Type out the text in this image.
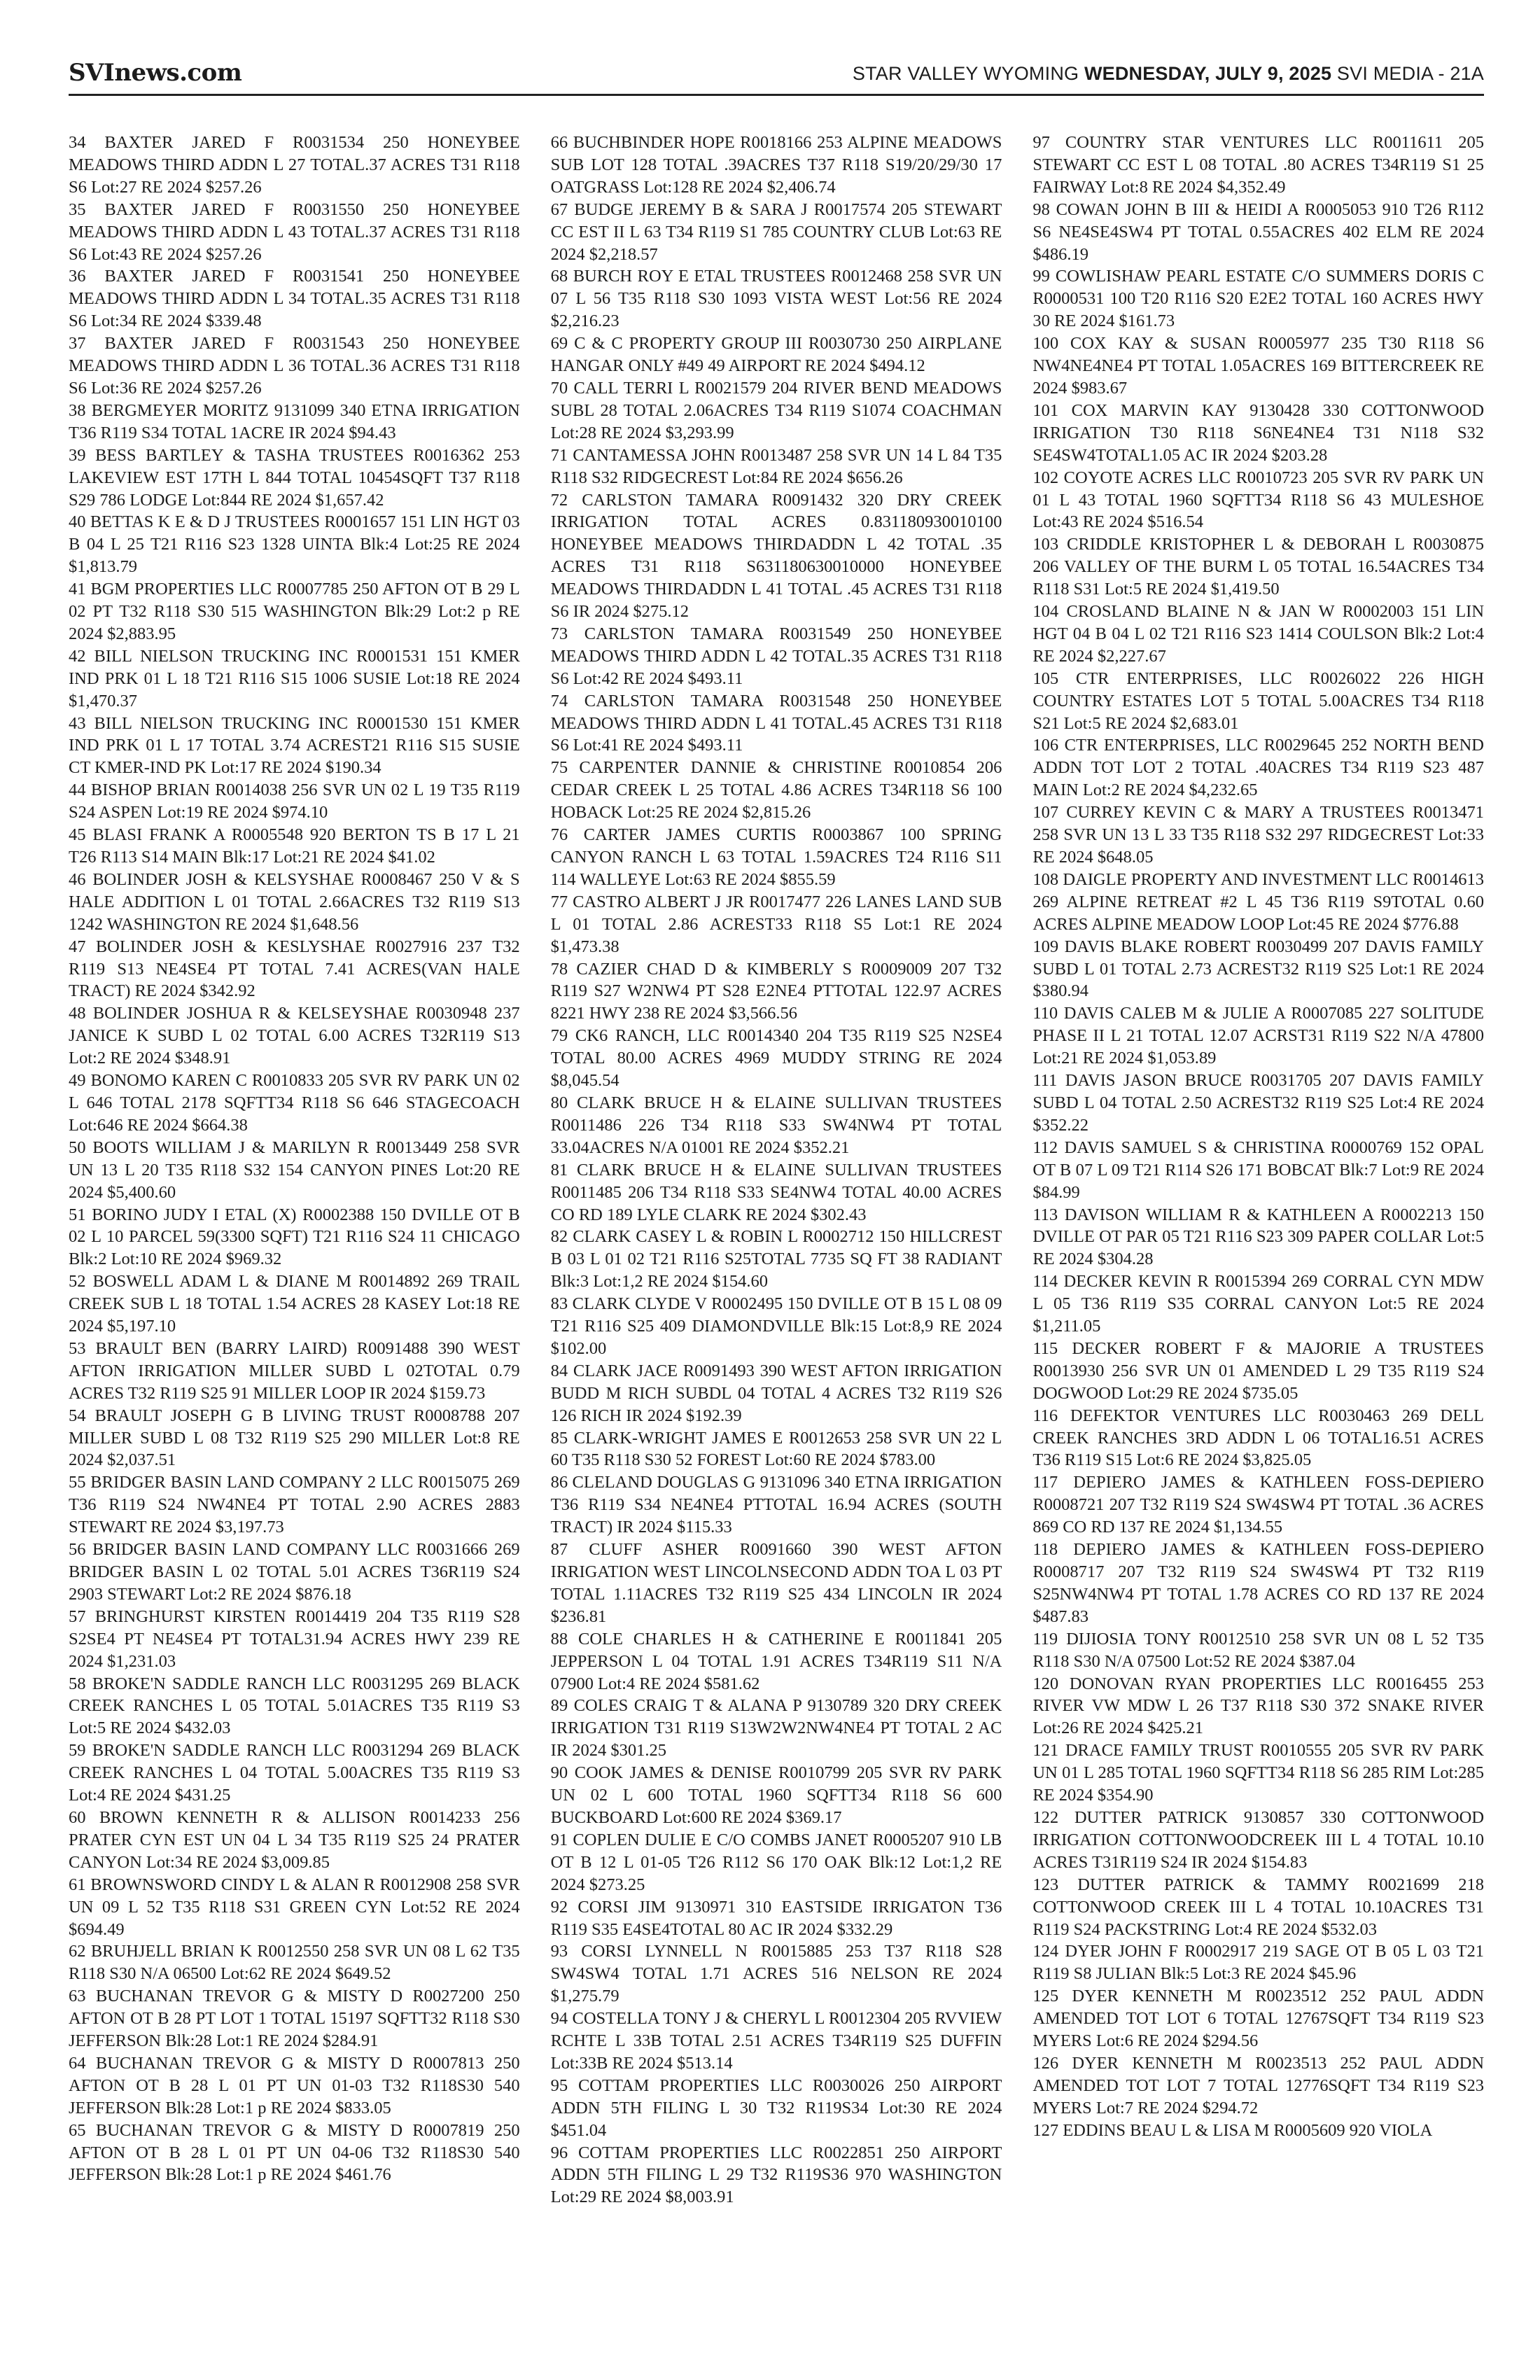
SVInews.com	STAR VALLEY WYOMING WEDNESDAY, JULY 9, 2025 SVI MEDIA - 21A

34 BAXTER JARED F R0031534 250 HONEYBEE MEADOWS THIRD ADDN L 27 TOTAL.37 ACRES T31 R118 S6 Lot:27 RE 2024 $257.26

35 BAXTER JARED F R0031550 250 HONEYBEE MEADOWS THIRD ADDN L 43 TOTAL.37 ACRES T31 R118 S6 Lot:43 RE 2024 $257.26

36 BAXTER JARED F R0031541 250 HONEYBEE MEADOWS THIRD ADDN L 34 TOTAL.35 ACRES T31 R118 S6 Lot:34 RE 2024 $339.48

37 BAXTER JARED F R0031543 250 HONEYBEE MEADOWS THIRD ADDN L 36 TOTAL.36 ACRES T31 R118 S6 Lot:36 RE 2024 $257.26

38 BERGMEYER MORITZ 9131099 340 ETNA IRRIGATION T36 R119 S34 TOTAL 1ACRE IR 2024 $94.43

39 BESS BARTLEY & TASHA TRUSTEES R0016362 253 LAKEVIEW EST 17TH L 844 TOTAL 10454SQFT T37 R118 S29 786 LODGE Lot:844 RE 2024 $1,657.42

40 BETTAS K E & D J TRUSTEES R0001657 151 LIN HGT 03 B 04 L 25 T21 R116 S23 1328 UINTA Blk:4 Lot:25 RE 2024 $1,813.79

41 BGM PROPERTIES LLC R0007785 250 AFTON OT B 29 L 02 PT T32 R118 S30 515 WASHINGTON Blk:29 Lot:2 p RE 2024 $2,883.95

42 BILL NIELSON TRUCKING INC R0001531 151 KMER IND PRK 01 L 18 T21 R116 S15 1006 SUSIE Lot:18 RE 2024 $1,470.37

43 BILL NIELSON TRUCKING INC R0001530 151 KMER IND PRK 01 L 17 TOTAL 3.74 ACREST21 R116 S15 SUSIE CT KMER-IND PK Lot:17 RE 2024 $190.34

44 BISHOP BRIAN R0014038 256 SVR UN 02 L 19 T35 R119 S24 ASPEN Lot:19 RE 2024 $974.10

45 BLASI FRANK A R0005548 920 BERTON TS B 17 L 21 T26 R113 S14 MAIN Blk:17 Lot:21 RE 2024 $41.02

46 BOLINDER JOSH & KELSYSHAE R0008467 250 V & S HALE ADDITION L 01 TOTAL 2.66ACRES T32 R119 S13 1242 WASHINGTON RE 2024 $1,648.56

47 BOLINDER JOSH & KESLYSHAE R0027916 237 T32 R119 S13 NE4SE4 PT TOTAL 7.41 ACRES(VAN HALE TRACT) RE 2024 $342.92

48 BOLINDER JOSHUA R & KELSEYSHAE R0030948 237 JANICE K SUBD L 02 TOTAL 6.00 ACRES T32R119 S13 Lot:2 RE 2024 $348.91

49 BONOMO KAREN C R0010833 205 SVR RV PARK UN 02 L 646 TOTAL 2178 SQFTT34 R118 S6 646 STAGECOACH Lot:646 RE 2024 $664.38

50 BOOTS WILLIAM J & MARILYN R R0013449 258 SVR UN 13 L 20 T35 R118 S32 154 CANYON PINES Lot:20 RE 2024 $5,400.60

51 BORINO JUDY I ETAL (X) R0002388 150 DVILLE OT B 02 L 10 PARCEL 59(3300 SQFT) T21 R116 S24 11 CHICAGO Blk:2 Lot:10 RE 2024 $969.32

52 BOSWELL ADAM L & DIANE M R0014892 269 TRAIL CREEK SUB L 18 TOTAL 1.54 ACRES 28 KASEY Lot:18 RE 2024 $5,197.10

53 BRAULT BEN (BARRY LAIRD) R0091488 390 WEST AFTON IRRIGATION MILLER SUBD L 02TOTAL 0.79 ACRES T32 R119 S25 91 MILLER LOOP IR 2024 $159.73

54 BRAULT JOSEPH G B LIVING TRUST R0008788 207 MILLER SUBD L 08 T32 R119 S25 290 MILLER Lot:8 RE 2024 $2,037.51

55 BRIDGER BASIN LAND COMPANY 2 LLC R0015075 269 T36 R119 S24 NW4NE4 PT TOTAL 2.90 ACRES 2883 STEWART RE 2024 $3,197.73

56 BRIDGER BASIN LAND COMPANY LLC R0031666 269 BRIDGER BASIN L 02 TOTAL 5.01 ACRES T36R119 S24 2903 STEWART Lot:2 RE 2024 $876.18

57 BRINGHURST KIRSTEN R0014419 204 T35 R119 S28 S2SE4 PT NE4SE4 PT TOTAL31.94 ACRES HWY 239 RE 2024 $1,231.03

58 BROKE'N SADDLE RANCH LLC R0031295 269 BLACK CREEK RANCHES L 05 TOTAL 5.01ACRES T35 R119 S3 Lot:5 RE 2024 $432.03

59 BROKE'N SADDLE RANCH LLC R0031294 269 BLACK CREEK RANCHES L 04 TOTAL 5.00ACRES T35 R119 S3 Lot:4 RE 2024 $431.25

60 BROWN KENNETH R & ALLISON R0014233 256 PRATER CYN EST UN 04 L 34 T35 R119 S25 24 PRATER CANYON Lot:34 RE 2024 $3,009.85

61 BROWNSWORD CINDY L & ALAN R R0012908 258 SVR UN 09 L 52 T35 R118 S31 GREEN CYN Lot:52 RE 2024 $694.49

62 BRUHJELL BRIAN K R0012550 258 SVR UN 08 L 62 T35 R118 S30 N/A 06500 Lot:62 RE 2024 $649.52

63 BUCHANAN TREVOR G & MISTY D R0027200 250 AFTON OT B 28 PT LOT 1 TOTAL 15197 SQFTT32 R118 S30 JEFFERSON Blk:28 Lot:1 RE 2024 $284.91

64 BUCHANAN TREVOR G & MISTY D R0007813 250 AFTON OT B 28 L 01 PT UN 01-03 T32 R118S30 540 JEFFERSON Blk:28 Lot:1 p RE 2024 $833.05

65 BUCHANAN TREVOR G & MISTY D R0007819 250 AFTON OT B 28 L 01 PT UN 04-06 T32 R118S30 540 JEFFERSON Blk:28 Lot:1 p RE 2024 $461.76

66 BUCHBINDER HOPE R0018166 253 ALPINE MEADOWS SUB LOT 128 TOTAL .39ACRES T37 R118 S19/20/29/30 17 OATGRASS Lot:128 RE 2024 $2,406.74

67 BUDGE JEREMY B & SARA J R0017574 205 STEWART CC EST II L 63 T34 R119 S1 785 COUNTRY CLUB Lot:63 RE 2024 $2,218.57

68 BURCH ROY E ETAL TRUSTEES R0012468 258 SVR UN 07 L 56 T35 R118 S30 1093 VISTA WEST Lot:56 RE 2024 $2,216.23

69 C & C PROPERTY GROUP III R0030730 250 AIRPLANE HANGAR ONLY #49 49 AIRPORT RE 2024 $494.12

70 CALL TERRI L R0021579 204 RIVER BEND MEADOWS SUBL 28 TOTAL 2.06ACRES T34 R119 S1074 COACHMAN Lot:28 RE 2024 $3,293.99

71 CANTAMESSA JOHN R0013487 258 SVR UN 14 L 84 T35 R118 S32 RIDGECREST Lot:84 RE 2024 $656.26

72 CARLSTON TAMARA R0091432 320 DRY CREEK IRRIGATION TOTAL ACRES 0.831180930010100 HONEYBEE MEADOWS THIRDADDN L 42 TOTAL .35 ACRES T31 R118 S631180630010000 HONEYBEE MEADOWS THIRDADDN L 41 TOTAL .45 ACRES T31 R118 S6 IR 2024 $275.12

73 CARLSTON TAMARA R0031549 250 HONEYBEE MEADOWS THIRD ADDN L 42 TOTAL.35 ACRES T31 R118 S6 Lot:42 RE 2024 $493.11

74 CARLSTON TAMARA R0031548 250 HONEYBEE MEADOWS THIRD ADDN L 41 TOTAL.45 ACRES T31 R118 S6 Lot:41 RE 2024 $493.11

75 CARPENTER DANNIE & CHRISTINE R0010854 206 CEDAR CREEK L 25 TOTAL 4.86 ACRES T34R118 S6 100 HOBACK Lot:25 RE 2024 $2,815.26

76 CARTER JAMES CURTIS R0003867 100 SPRING CANYON RANCH L 63 TOTAL 1.59ACRES T24 R116 S11 114 WALLEYE Lot:63 RE 2024 $855.59

77 CASTRO ALBERT J JR R0017477 226 LANES LAND SUB L 01 TOTAL 2.86 ACREST33 R118 S5 Lot:1 RE 2024 $1,473.38

78 CAZIER CHAD D & KIMBERLY S R0009009 207 T32 R119 S27 W2NW4 PT S28 E2NE4 PTTOTAL 122.97 ACRES 8221 HWY 238 RE 2024 $3,566.56

79 CK6 RANCH, LLC R0014340 204 T35 R119 S25 N2SE4 TOTAL 80.00 ACRES 4969 MUDDY STRING RE 2024 $8,045.54

80 CLARK BRUCE H & ELAINE SULLIVAN TRUSTEES R0011486 226 T34 R118 S33 SW4NW4 PT TOTAL 33.04ACRES N/A 01001 RE 2024 $352.21

81 CLARK BRUCE H & ELAINE SULLIVAN TRUSTEES R0011485 206 T34 R118 S33 SE4NW4 TOTAL 40.00 ACRES CO RD 189 LYLE CLARK RE 2024 $302.43

82 CLARK CASEY L & ROBIN L R0002712 150 HILLCREST B 03 L 01 02 T21 R116 S25TOTAL 7735 SQ FT 38 RADIANT Blk:3 Lot:1,2 RE 2024 $154.60

83 CLARK CLYDE V R0002495 150 DVILLE OT B 15 L 08 09 T21 R116 S25 409 DIAMONDVILLE Blk:15 Lot:8,9 RE 2024 $102.00

84 CLARK JACE R0091493 390 WEST AFTON IRRIGATION BUDD M RICH SUBDL 04 TOTAL 4 ACRES T32 R119 S26 126 RICH IR 2024 $192.39

85 CLARK-WRIGHT JAMES E R0012653 258 SVR UN 22 L 60 T35 R118 S30 52 FOREST Lot:60 RE 2024 $783.00

86 CLELAND DOUGLAS G 9131096 340 ETNA IRRIGATION T36 R119 S34 NE4NE4 PTTOTAL 16.94 ACRES (SOUTH TRACT) IR 2024 $115.33

87 CLUFF ASHER R0091660 390 WEST AFTON IRRIGATION WEST LINCOLNSECOND ADDN TOA L 03 PT TOTAL 1.11ACRES T32 R119 S25 434 LINCOLN IR 2024 $236.81

88 COLE CHARLES H & CATHERINE E R0011841 205 JEPPERSON L 04 TOTAL 1.91 ACRES T34R119 S11 N/A 07900 Lot:4 RE 2024 $581.62

89 COLES CRAIG T & ALANA P 9130789 320 DRY CREEK IRRIGATION T31 R119 S13W2W2NW4NE4 PT TOTAL 2 AC IR 2024 $301.25

90 COOK JAMES & DENISE R0010799 205 SVR RV PARK UN 02 L 600 TOTAL 1960 SQFTT34 R118 S6 600 BUCKBOARD Lot:600 RE 2024 $369.17

91 COPLEN DULIE E C/O COMBS JANET R0005207 910 LB OT B 12 L 01-05 T26 R112 S6 170 OAK Blk:12 Lot:1,2 RE 2024 $273.25

92 CORSI JIM 9130971 310 EASTSIDE IRRIGATON T36 R119 S35 E4SE4TOTAL 80 AC IR 2024 $332.29

93 CORSI LYNNELL N R0015885 253 T37 R118 S28 SW4SW4 TOTAL 1.71 ACRES 516 NELSON RE 2024 $1,275.79

94 COSTELLA TONY J & CHERYL L R0012304 205 RVVIEW RCHTE L 33B TOTAL 2.51 ACRES T34R119 S25 DUFFIN Lot:33B RE 2024 $513.14

95 COTTAM PROPERTIES LLC R0030026 250 AIRPORT ADDN 5TH FILING L 30 T32 R119S34 Lot:30 RE 2024 $451.04

96 COTTAM PROPERTIES LLC R0022851 250 AIRPORT ADDN 5TH FILING L 29 T32 R119S36 970 WASHINGTON Lot:29 RE 2024 $8,003.91

97 COUNTRY STAR VENTURES LLC R0011611 205 STEWART CC EST L 08 TOTAL .80 ACRES T34R119 S1 25 FAIRWAY Lot:8 RE 2024 $4,352.49

98 COWAN JOHN B III & HEIDI A R0005053 910 T26 R112 S6 NE4SE4SW4 PT TOTAL 0.55ACRES 402 ELM RE 2024 $486.19

99 COWLISHAW PEARL ESTATE C/O SUMMERS DORIS C R0000531 100 T20 R116 S20 E2E2 TOTAL 160 ACRES HWY 30 RE 2024 $161.73

100 COX KAY & SUSAN R0005977 235 T30 R118 S6 NW4NE4NE4 PT TOTAL 1.05ACRES 169 BITTERCREEK RE 2024 $983.67

101 COX MARVIN KAY 9130428 330 COTTONWOOD IRRIGATION T30 R118 S6NE4NE4 T31 N118 S32 SE4SW4TOTAL1.05 AC IR 2024 $203.28

102 COYOTE ACRES LLC R0010723 205 SVR RV PARK UN 01 L 43 TOTAL 1960 SQFTT34 R118 S6 43 MULESHOE Lot:43 RE 2024 $516.54

103 CRIDDLE KRISTOPHER L & DEBORAH L R0030875 206 VALLEY OF THE BURM L 05 TOTAL 16.54ACRES T34 R118 S31 Lot:5 RE 2024 $1,419.50

104 CROSLAND BLAINE N & JAN W R0002003 151 LIN HGT 04 B 04 L 02 T21 R116 S23 1414 COULSON Blk:2 Lot:4 RE 2024 $2,227.67

105 CTR ENTERPRISES, LLC R0026022 226 HIGH COUNTRY ESTATES LOT 5 TOTAL 5.00ACRES T34 R118 S21 Lot:5 RE 2024 $2,683.01

106 CTR ENTERPRISES, LLC R0029645 252 NORTH BEND ADDN TOT LOT 2 TOTAL .40ACRES T34 R119 S23 487 MAIN Lot:2 RE 2024 $4,232.65

107 CURREY KEVIN C & MARY A TRUSTEES R0013471 258 SVR UN 13 L 33 T35 R118 S32 297 RIDGECREST Lot:33 RE 2024 $648.05

108 DAIGLE PROPERTY AND INVESTMENT LLC R0014613 269 ALPINE RETREAT #2 L 45 T36 R119 S9TOTAL 0.60 ACRES ALPINE MEADOW LOOP Lot:45 RE 2024 $776.88

109 DAVIS BLAKE ROBERT R0030499 207 DAVIS FAMILY SUBD L 01 TOTAL 2.73 ACREST32 R119 S25 Lot:1 RE 2024 $380.94

110 DAVIS CALEB M & JULIE A R0007085 227 SOLITUDE PHASE II L 21 TOTAL 12.07 ACRST31 R119 S22 N/A 47800 Lot:21 RE 2024 $1,053.89

111 DAVIS JASON BRUCE R0031705 207 DAVIS FAMILY SUBD L 04 TOTAL 2.50 ACREST32 R119 S25 Lot:4 RE 2024 $352.22

112 DAVIS SAMUEL S & CHRISTINA R0000769 152 OPAL OT B 07 L 09 T21 R114 S26 171 BOBCAT Blk:7 Lot:9 RE 2024 $84.99

113 DAVISON WILLIAM R & KATHLEEN A R0002213 150 DVILLE OT PAR 05 T21 R116 S23 309 PAPER COLLAR Lot:5 RE 2024 $304.28

114 DECKER KEVIN R R0015394 269 CORRAL CYN MDW L 05 T36 R119 S35 CORRAL CANYON Lot:5 RE 2024 $1,211.05

115 DECKER ROBERT F & MAJORIE A TRUSTEES R0013930 256 SVR UN 01 AMENDED L 29 T35 R119 S24 DOGWOOD Lot:29 RE 2024 $735.05

116 DEFEKTOR VENTURES LLC R0030463 269 DELL CREEK RANCHES 3RD ADDN L 06 TOTAL16.51 ACRES T36 R119 S15 Lot:6 RE 2024 $3,825.05

117 DEPIERO JAMES & KATHLEEN FOSS-DEPIERO R0008721 207 T32 R119 S24 SW4SW4 PT TOTAL .36 ACRES 869 CO RD 137 RE 2024 $1,134.55

118 DEPIERO JAMES & KATHLEEN FOSS-DEPIERO R0008717 207 T32 R119 S24 SW4SW4 PT T32 R119 S25NW4NW4 PT TOTAL 1.78 ACRES CO RD 137 RE 2024 $487.83

119 DIJIOSIA TONY R0012510 258 SVR UN 08 L 52 T35 R118 S30 N/A 07500 Lot:52 RE 2024 $387.04

120 DONOVAN RYAN PROPERTIES LLC R0016455 253 RIVER VW MDW L 26 T37 R118 S30 372 SNAKE RIVER Lot:26 RE 2024 $425.21

121 DRACE FAMILY TRUST R0010555 205 SVR RV PARK UN 01 L 285 TOTAL 1960 SQFTT34 R118 S6 285 RIM Lot:285 RE 2024 $354.90

122 DUTTER PATRICK 9130857 330 COTTONWOOD IRRIGATION COTTONWOODCREEK III L 4 TOTAL 10.10 ACRES T31R119 S24 IR 2024 $154.83

123 DUTTER PATRICK & TAMMY R0021699 218 COTTONWOOD CREEK III L 4 TOTAL 10.10ACRES T31 R119 S24 PACKSTRING Lot:4 RE 2024 $532.03

124 DYER JOHN F R0002917 219 SAGE OT B 05 L 03 T21 R119 S8 JULIAN Blk:5 Lot:3 RE 2024 $45.96

125 DYER KENNETH M R0023512 252 PAUL ADDN AMENDED TOT LOT 6 TOTAL 12767SQFT T34 R119 S23 MYERS Lot:6 RE 2024 $294.56

126 DYER KENNETH M R0023513 252 PAUL ADDN AMENDED TOT LOT 7 TOTAL 12776SQFT T34 R119 S23 MYERS Lot:7 RE 2024 $294.72

127 EDDINS BEAU L & LISA M R0005609 920 VIOLA
